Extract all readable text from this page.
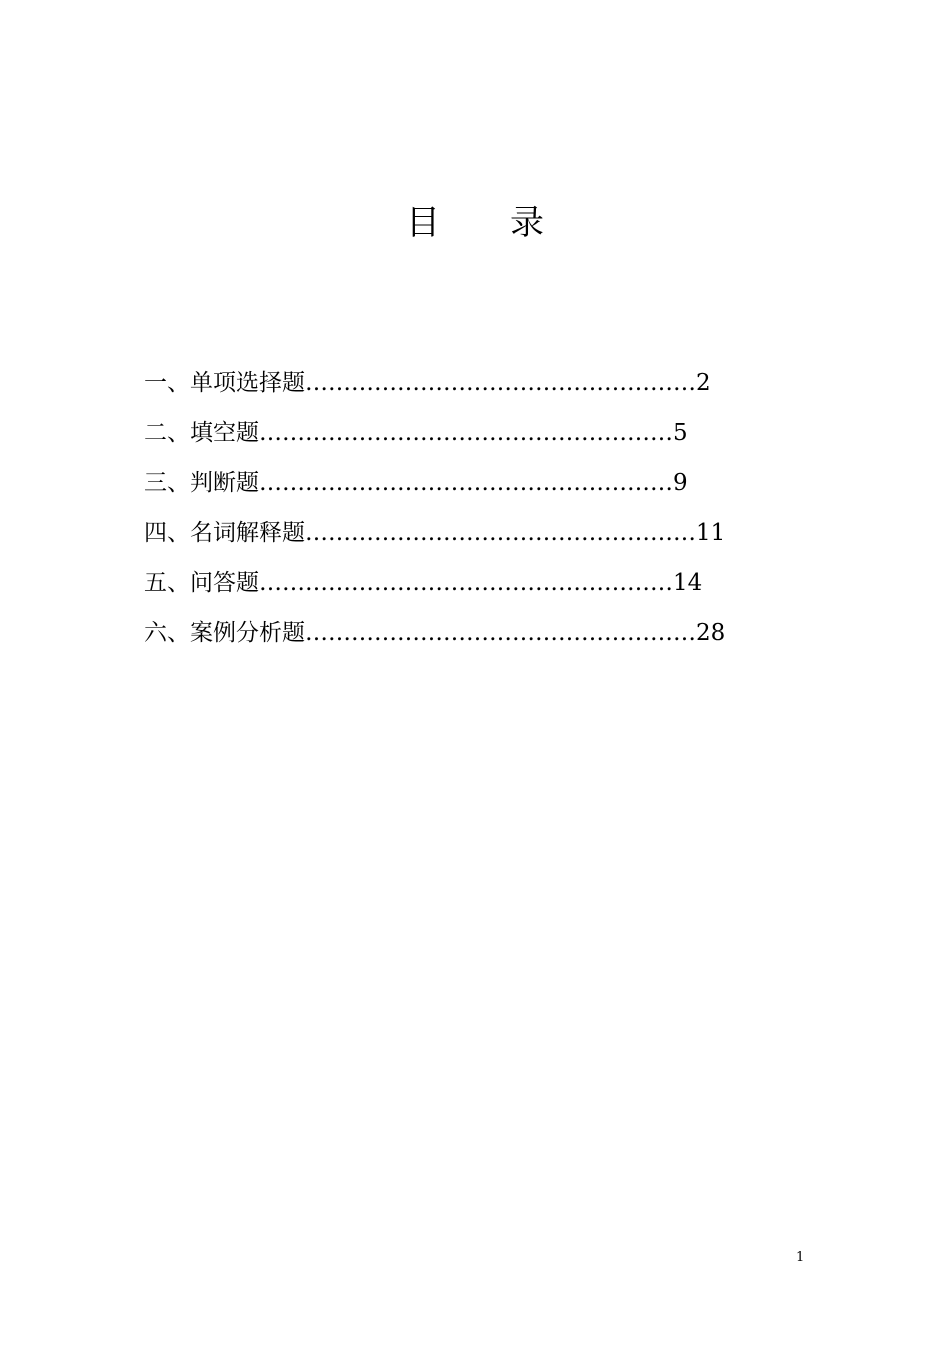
目 录
一、单项选择题 …………………………………………… 2
二、填空题 ……………………………………………… 5
三、判断题 ……………………………………………… 9
四、名词解释题 …………………………………………… 11
五、问答题 ……………………………………………… 14
六、案例分析题 …………………………………………… 28
1
